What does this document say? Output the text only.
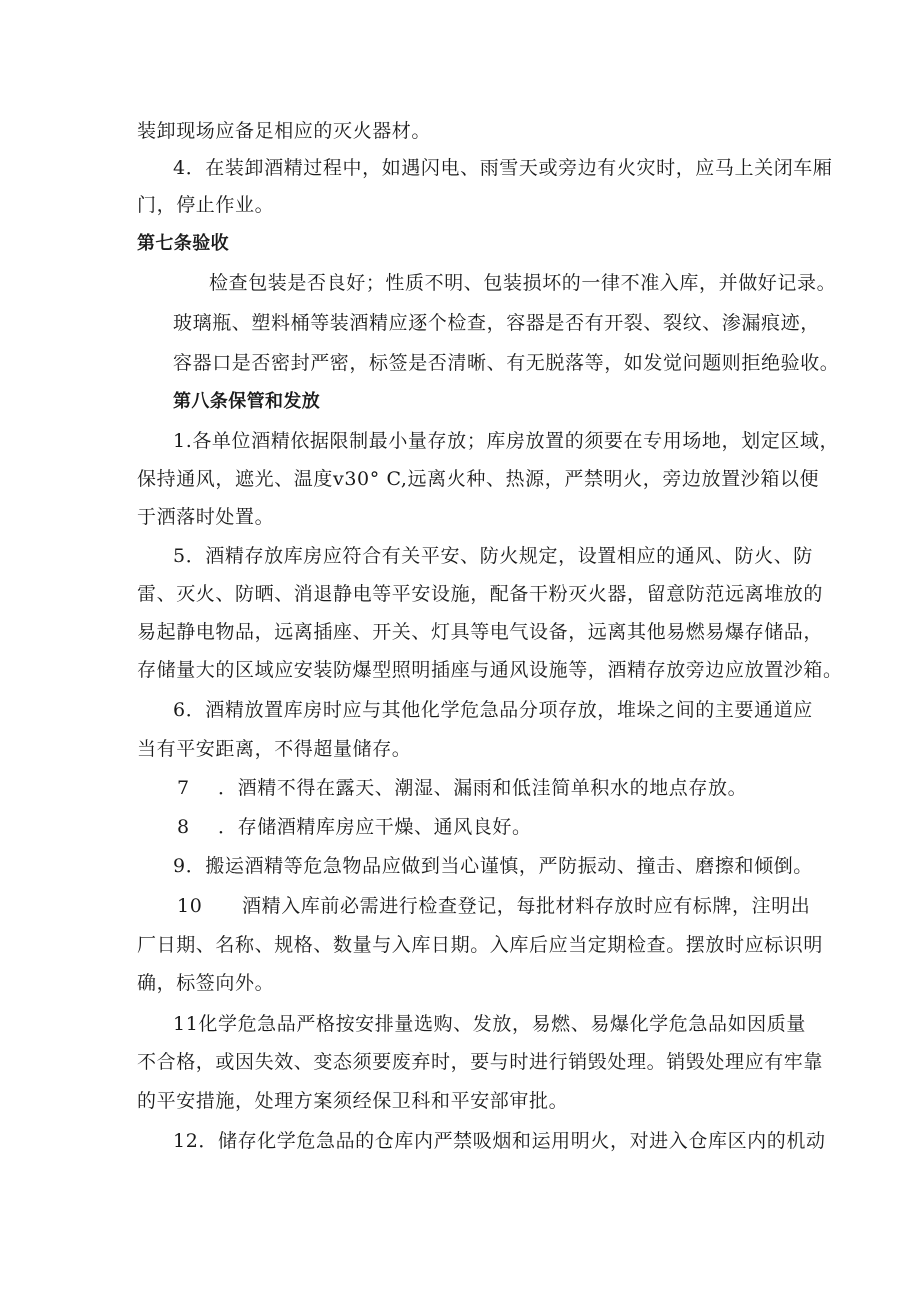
装卸现场应备足相应的灭火器材。
4．在装卸酒精过程中，如遇闪电、雨雪天或旁边有火灾时，应马上关闭车厢
门，停止作业。
第七条验收
检查包装是否良好；性质不明、包装损坏的一律不准入库，并做好记录。
玻璃瓶、塑料桶等装酒精应逐个检查，容器是否有开裂、裂纹、渗漏痕迹，
容器口是否密封严密，标签是否清晰、有无脱落等，如发觉问题则拒绝验收。
第八条保管和发放
1.各单位酒精依据限制最小量存放；库房放置的须要在专用场地，划定区域，
保持通风，遮光、温度v30° C,远离火种、热源，严禁明火，旁边放置沙箱以便
于洒落时处置。
5．酒精存放库房应符合有关平安、防火规定，设置相应的通风、防火、防
雷、灭火、防晒、消退静电等平安设施，配备干粉灭火器，留意防范远离堆放的
易起静电物品，远离插座、开关、灯具等电气设备，远离其他易燃易爆存储品，
存储量大的区域应安装防爆型照明插座与通风设施等，酒精存放旁边应放置沙箱。
6．酒精放置库房时应与其他化学危急品分项存放，堆垛之间的主要通道应
当有平安距离，不得超量储存。
7 ．酒精不得在露天、潮湿、漏雨和低洼简单积水的地点存放。
8 ．存储酒精库房应干燥、通风良好。
9．搬运酒精等危急物品应做到当心谨慎，严防振动、撞击、磨擦和倾倒。
10 酒精入库前必需进行检查登记，每批材料存放时应有标牌，注明出
厂日期、名称、规格、数量与入库日期。入库后应当定期检查。摆放时应标识明
确，标签向外。
11化学危急品严格按安排量选购、发放，易燃、易爆化学危急品如因质量
不合格，或因失效、变态须要废弃时，要与时进行销毁处理。销毁处理应有牢靠
的平安措施，处理方案须经保卫科和平安部审批。
12．储存化学危急品的仓库内严禁吸烟和运用明火，对进入仓库区内的机动
